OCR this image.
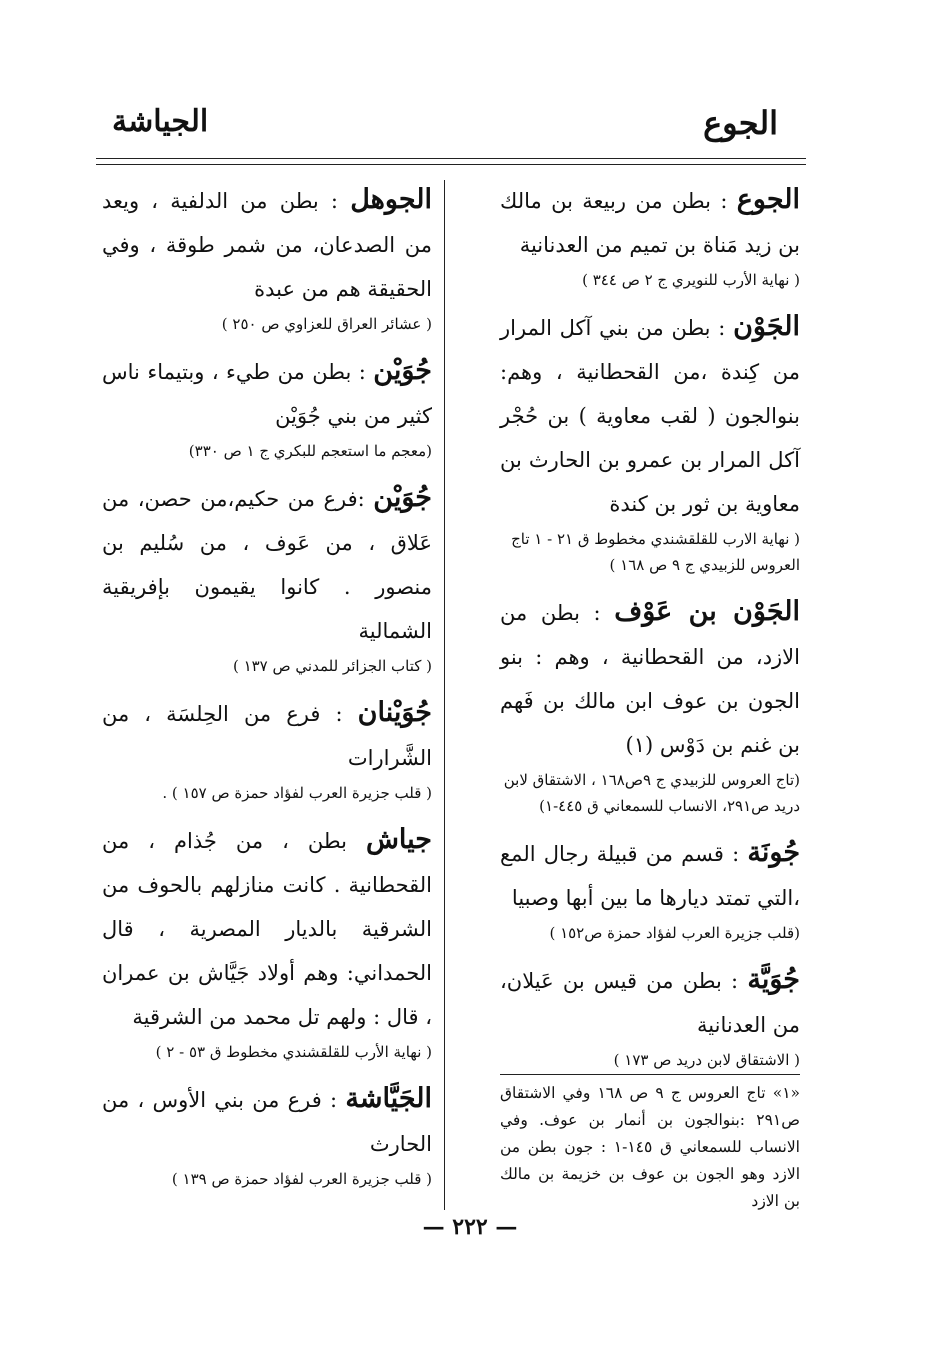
الجوع
الجياشة
الجوع : بطن من ربيعة بن مالك بن زيد مَناة بن تميم من العدنانية
( نهاية الأرب للنويري ج ٢ ص ٣٤٤ )
الجَوْن : بطن من بني آكل المرار من كِندة ،من القحطانية ، وهم: بنوالجون ( لقب معاوية ) بن حُجْر آكل المرار بن عمرو بن الحارث بن معاوية بن ثور بن كندة
( نهاية الارب للقلقشندي مخطوط ق ٢١ - ١ تاج العروس للزبيدي ج ٩ ص ١٦٨ )
الجَوْن بن عَوْف : بطن من الازد، من القحطانية ، وهم : بنو الجون بن عوف ابن مالك بن فَهم بن غنم بن دَوْس (١)
(تاج العروس للزبيدي ج ٩ص١٦٨ ، الاشتقاق لابن دريد ص٢٩١، الانساب للسمعاني ق ٤٤٥-١)
جُونَة : قسم من قبيلة رجال المع ،التي تمتد ديارها ما بين أبها وصبيا
(قلب جزيرة العرب لفؤاد حمزة ص١٥٢ )
جُوَيَّة : بطن من قيس بن عَيلان، من العدنانية
( الاشتقاق لابن دريد ص ١٧٣ )
الجوهل : بطن من الدلفية ، ويعد من الصدعان، من شمر طوقة ، وفي الحقيقة هم من عبدة
( عشائر العراق للعزاوي ص ٢٥٠ )
جُوَيْن : بطن من طيء ، وبتيماء ناس كثير من بني جُوَيْن
(معجم ما استعجم للبكري ج ١ ص ٣٣٠)
جُوَيْن :فرع من حكيم،من حصن، من عَلاق ، من عَوف ، من سُليم بن منصور . كانوا يقيمون بإفريقية الشمالية
( كتاب الجزائر للمدني ص ١٣٧ )
جُوَيْنان : فرع من الحِلسَة ، من الشَّرارات
( قلب جزيرة العرب لفؤاد حمزة ص ١٥٧ ) .
جياش بطن ، من جُذام ، من القحطانية . كانت منازلهم بالحوف من الشرقية بالديار المصرية ، قال الحمداني: وهم أولاد جَيَّاش بن عمران ، قال : ولهم تل محمد من الشرقية
( نهاية الأرب للقلقشندي مخطوط ق ٥٣ - ٢ )
الجَيَّاشة : فرع من بني الأوس ، من الحارث
( قلب جزيرة العرب لفؤاد حمزة ص ١٣٩ )
«١» تاج العروس ج ٩ ص ١٦٨ وفي الاشتقاق ص٢٩١ :بنوالجون بن أنمار بن عوف. وفي الانساب للسمعاني ق ١٤٥-١ : جون بطن من الازد وهو الجون بن عوف بن خزيمة بن مالك بن الازد
— ٢٢٢ —
